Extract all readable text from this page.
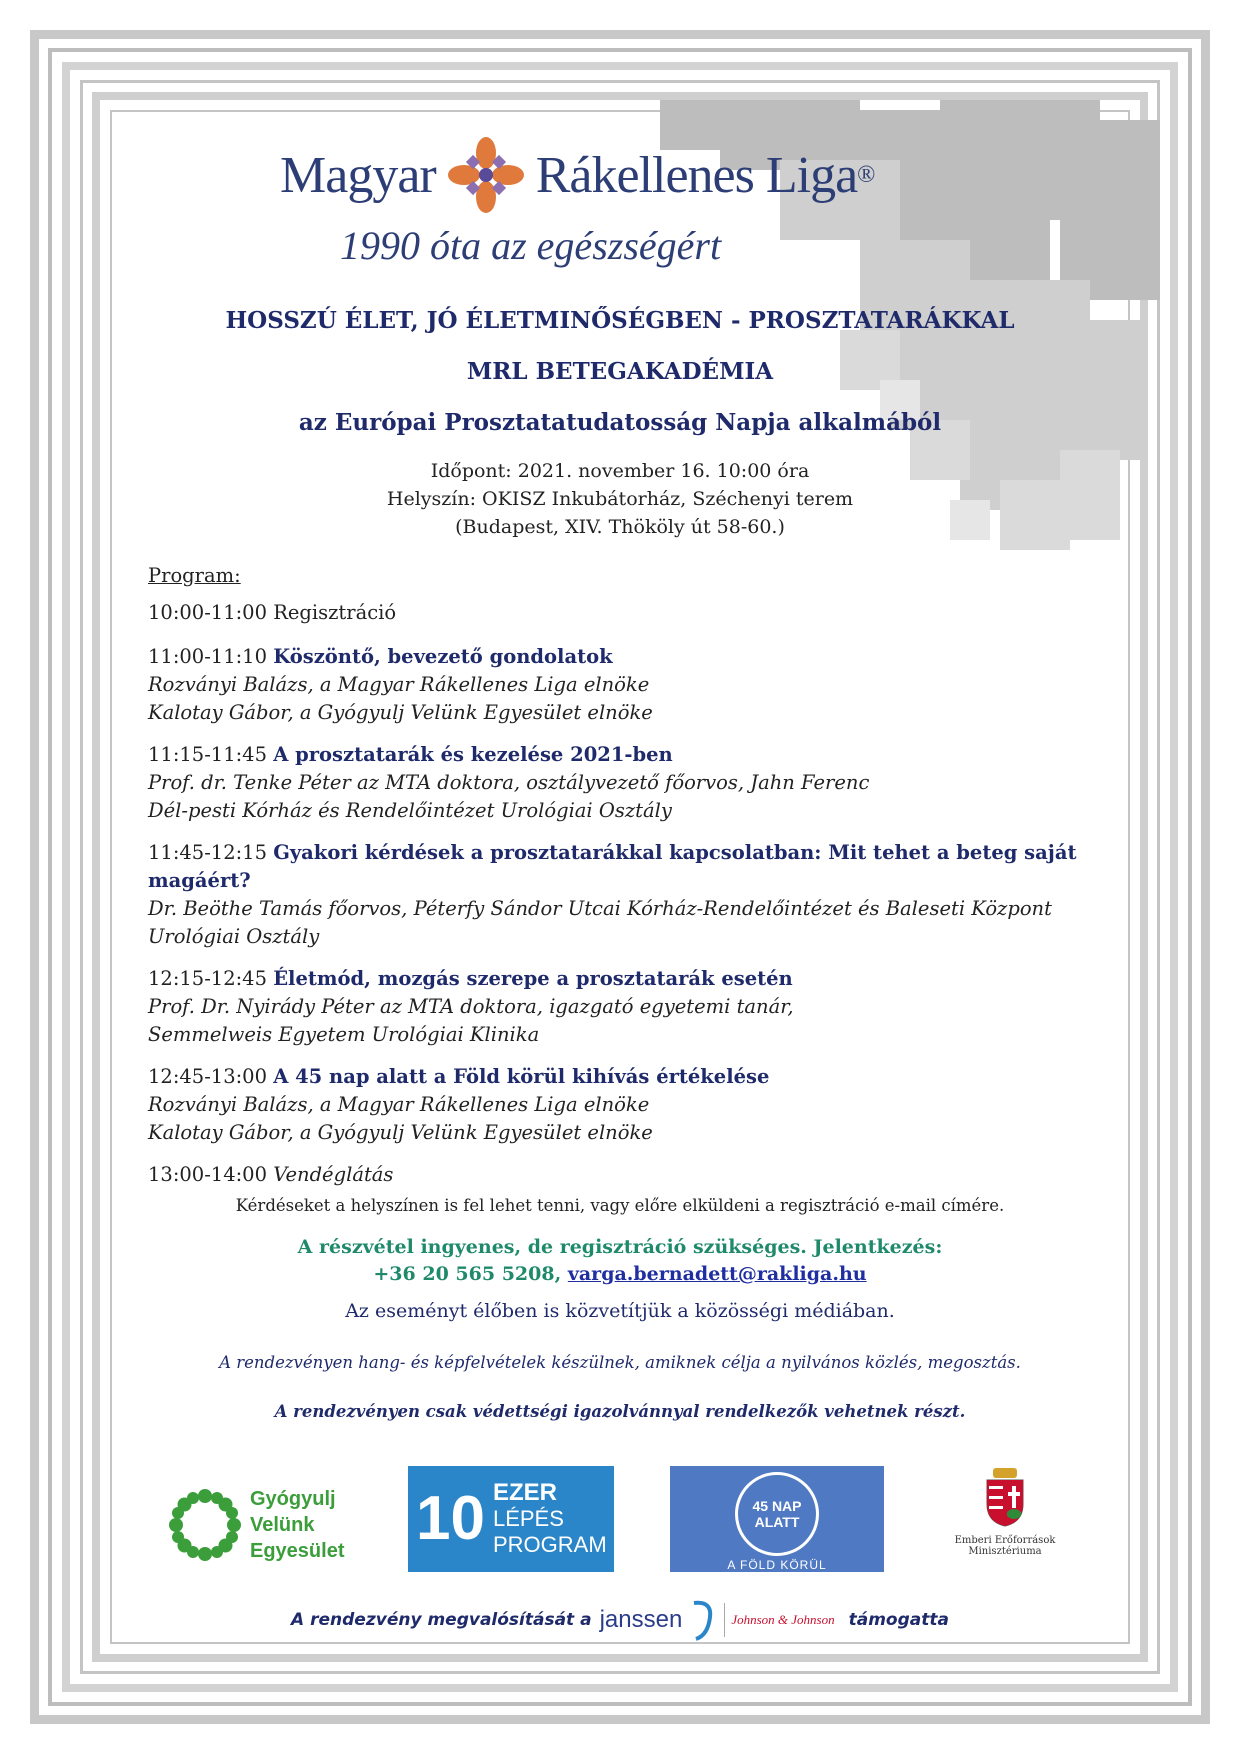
Magyar Rákellenes Liga ®
1990 óta az egészségért
HOSSZÚ ÉLET, JÓ ÉLETMINŐSÉGBEN - PROSZTATARÁKKAL
MRL BETEGAKADÉMIA
az Európai Prosztatatudatosság Napja alkalmából
Időpont: 2021. november 16. 10:00 óra
Helyszín: OKISZ Inkubátorház, Széchenyi terem
(Budapest, XIV. Thököly út 58-60.)
Program:
10:00-11:00 Regisztráció
11:00-11:10 Köszöntő, bevezető gondolatok
Rozványi Balázs, a Magyar Rákellenes Liga elnöke
Kalotay Gábor, a Gyógyulj Velünk Egyesület elnöke
11:15-11:45 A prosztatarák és kezelése 2021-ben
Prof. dr. Tenke Péter az MTA doktora, osztályvezető főorvos, Jahn Ferenc
Dél-pesti Kórház és Rendelőintézet Urológiai Osztály
11:45-12:15 Gyakori kérdések a prosztatarákkal kapcsolatban: Mit tehet a beteg saját magáért?
Dr. Beöthe Tamás főorvos, Péterfy Sándor Utcai Kórház-Rendelőintézet és Baleseti Központ Urológiai Osztály
12:15-12:45 Életmód, mozgás szerepe a prosztatarák esetén
Prof. Dr. Nyirády Péter az MTA doktora, igazgató egyetemi tanár,
Semmelweis Egyetem Urológiai Klinika
12:45-13:00 A 45 nap alatt a Föld körül kihívás értékelése
Rozványi Balázs, a Magyar Rákellenes Liga elnöke
Kalotay Gábor, a Gyógyulj Velünk Egyesület elnöke
13:00-14:00 Vendéglátás
Kérdéseket a helyszínen is fel lehet tenni, vagy előre elküldeni a regisztráció e-mail címére.
A részvétel ingyenes, de regisztráció szükséges. Jelentkezés:
+36 20 565 5208, varga.bernadett@rakliga.hu
Az eseményt élőben is közvetítjük a közösségi médiában.
A rendezvényen hang- és képfelvételek készülnek, amiknek célja a nyilvános közlés, megosztás.
A rendezvényen csak védettségi igazolvánnyal rendelkezők vehetnek részt.
Gyógyulj
Velünk
Egyesület 10 EZER
LÉPÉS
PROGRAM
45 NAP
ALATT
A FÖLD KÖRÜL
Emberi Erőforrások
Minisztériuma
A rendezvény megvalósítását a janssen	Johnson & Johnson támogatta
